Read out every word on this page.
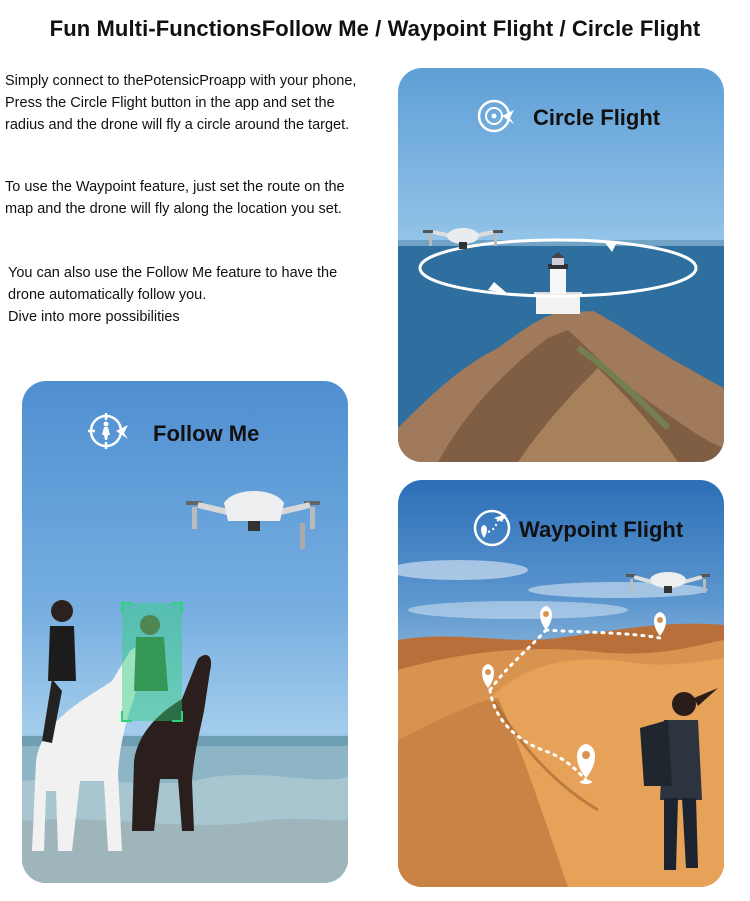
Fun Multi-FunctionsFollow Me / Waypoint Flight / Circle Flight
Simply connect to thePotensicProapp with your phone,
Press the Circle Flight button in the app and set the
radius and the drone will fly a circle around the target.
To use the Waypoint feature, just set the route on the
map and the drone will fly along the location you set.
You can also use the Follow Me feature to have the
drone automatically follow you.
Dive into more possibilities
Circle Flight
Follow Me
Waypoint Flight
